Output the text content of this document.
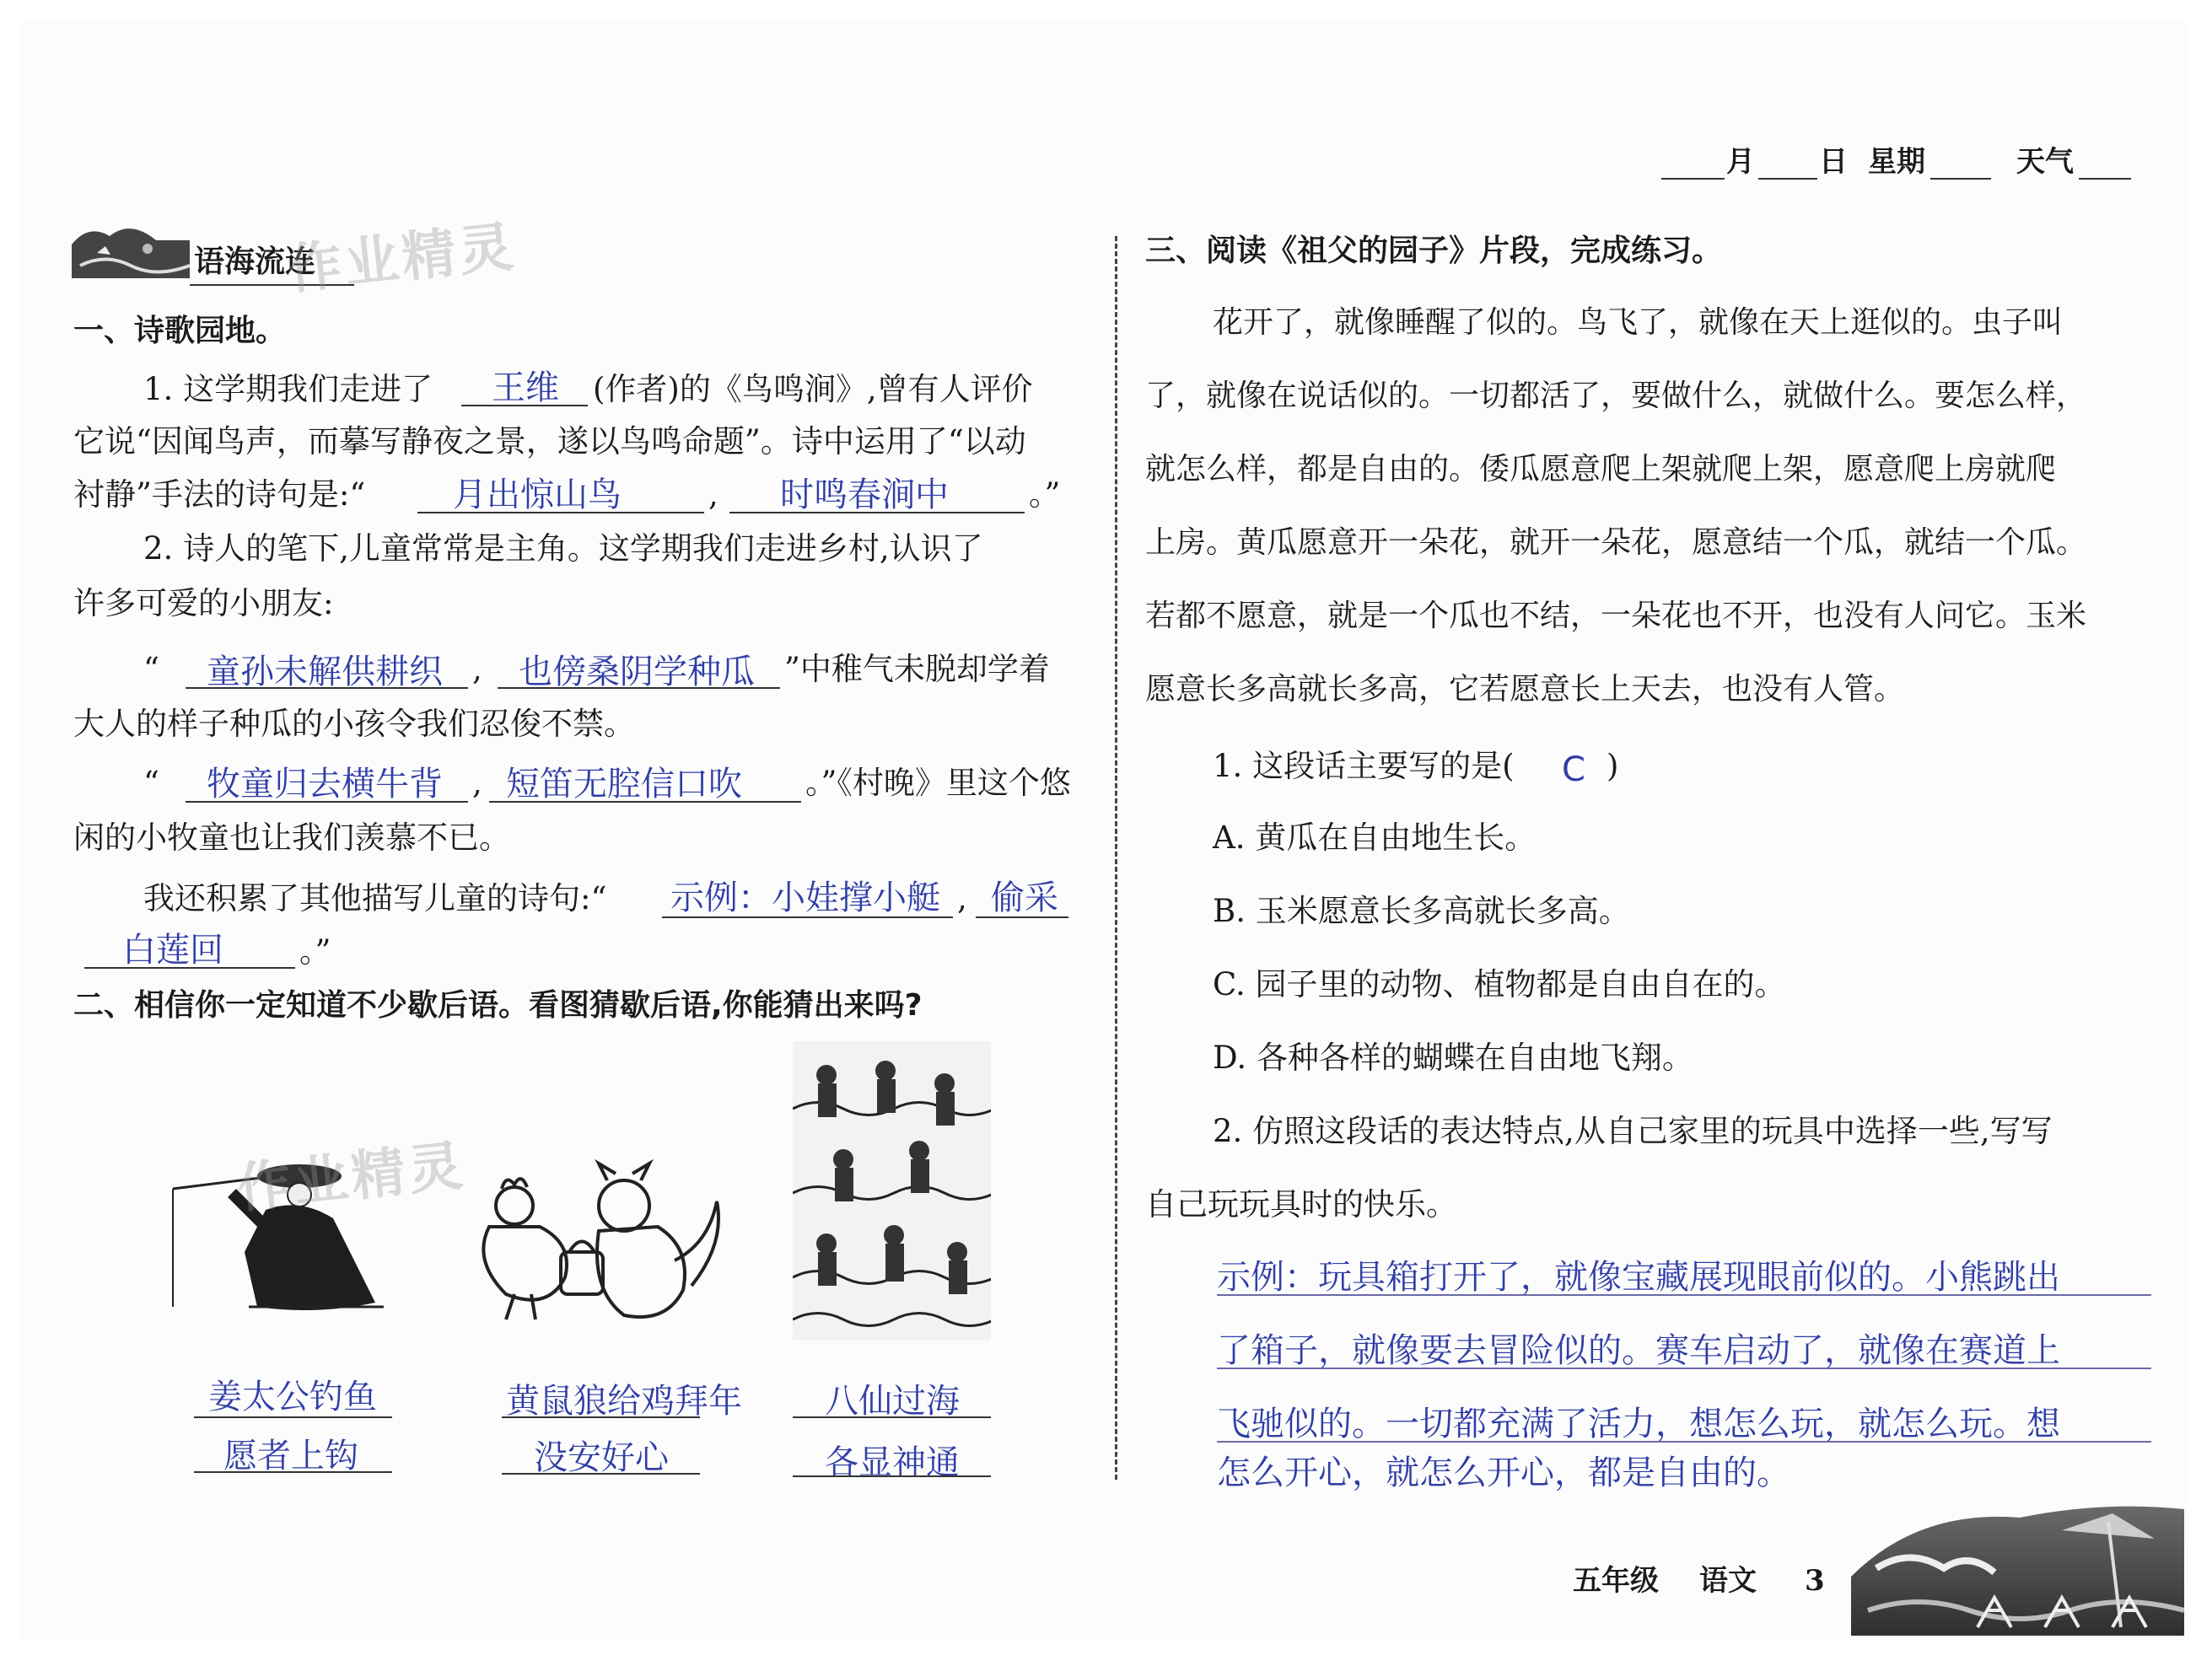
月 日 星期	天气
语海流连
作业精灵
一、诗歌园地。
1. 这学期我们走进了 王维 (作者)的《鸟鸣涧》,曾有人评价
它说“因闻鸟声，而摹写静夜之景，遂以鸟鸣命题”。诗中运用了“以动
衬静”手法的诗句是:“	月出惊山鸟	, 时鸣春涧中	。”
2. 诗人的笔下,儿童常常是主角。这学期我们走进乡村,认识了
许多可爱的小朋友:
“ 童孙未解供耕织 , 也傍桑阴学种瓜 ”中稚气未脱却学着
大人的样子种瓜的小孩令我们忍俊不禁。
“ 牧童归去横牛背 , 短笛无腔信口吹 。”《村晚》里这个悠
闲的小牧童也让我们羡慕不已。
我还积累了其他描写儿童的诗句:“ 示例：小娃撑小艇 , 偷采
白莲回 。”
二、相信你一定知道不少歇后语。看图猜歇后语,你能猜出来吗?
作业精灵
姜太公钓鱼
愿者上钩
黄鼠狼给鸡拜年
没安好心
八仙过海
各显神通
三、阅读《祖父的园子》片段，完成练习。
花开了，就像睡醒了似的。鸟飞了，就像在天上逛似的。虫子叫
了，就像在说话似的。一切都活了，要做什么，就做什么。要怎么样，
就怎么样，都是自由的。倭瓜愿意爬上架就爬上架，愿意爬上房就爬
上房。黄瓜愿意开一朵花，就开一朵花，愿意结一个瓜，就结一个瓜。
若都不愿意，就是一个瓜也不结，一朵花也不开，也没有人问它。玉米
愿意长多高就长多高，它若愿意长上天去，也没有人管。
1. 这段话主要写的是( C )
A. 黄瓜在自由地生长。
B. 玉米愿意长多高就长多高。
C. 园子里的动物、植物都是自由自在的。
D. 各种各样的蝴蝶在自由地飞翔。
2. 仿照这段话的表达特点,从自己家里的玩具中选择一些,写写
自己玩玩具时的快乐。
示例：玩具箱打开了，就像宝藏展现眼前似的。小熊跳出
了箱子，就像要去冒险似的。赛车启动了，就像在赛道上
飞驰似的。一切都充满了活力，想怎么玩，就怎么玩。想
怎么开心，就怎么开心，都是自由的。
五年级 语文 3
